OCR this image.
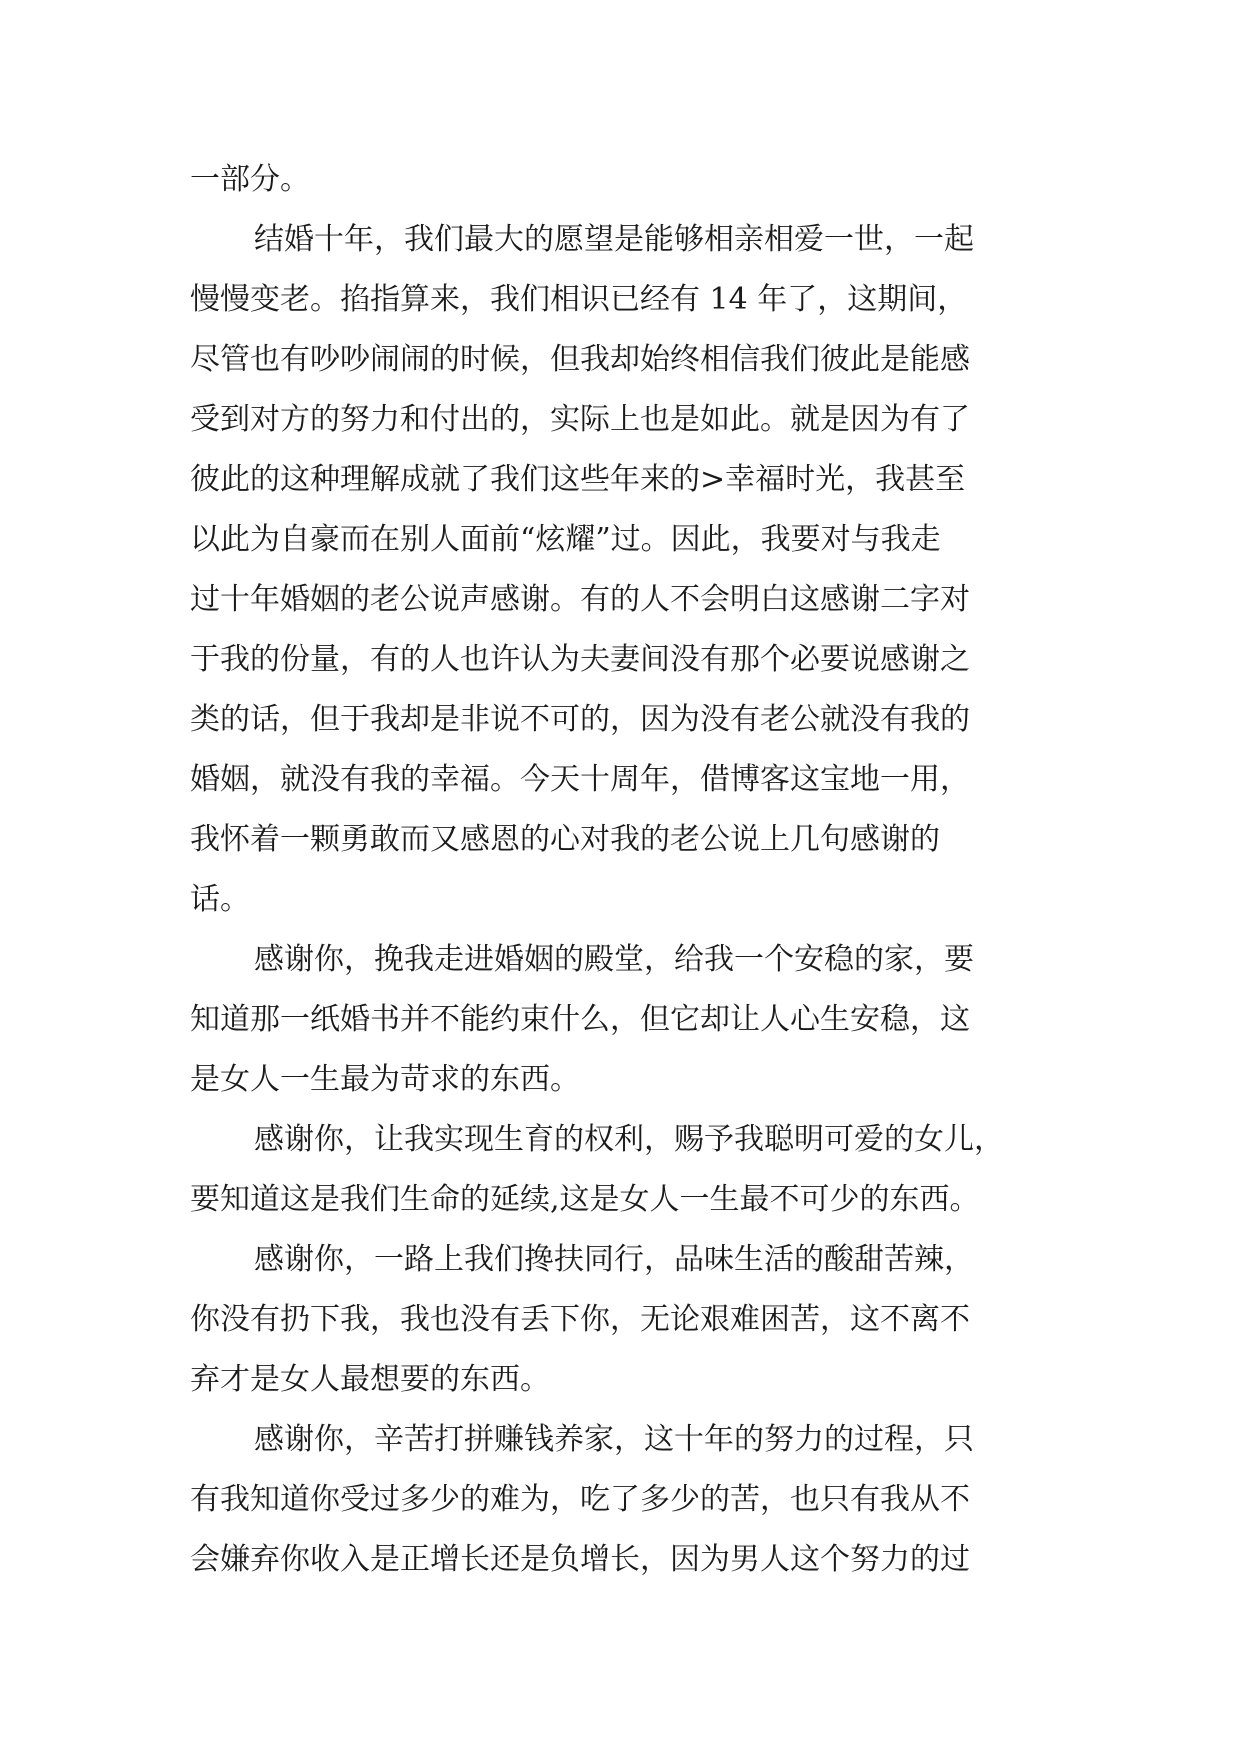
一部分。
结婚十年，我们最大的愿望是能够相亲相爱一世，一起
慢慢变老。掐指算来，我们相识已经有 14 年了，这期间，
尽管也有吵吵闹闹的时候，但我却始终相信我们彼此是能感
受到对方的努力和付出的，实际上也是如此。就是因为有了
彼此的这种理解成就了我们这些年来的>幸福时光，我甚至
以此为自豪而在别人面前“炫耀”过。因此，我要对与我走
过十年婚姻的老公说声感谢。有的人不会明白这感谢二字对
于我的份量，有的人也许认为夫妻间没有那个必要说感谢之
类的话，但于我却是非说不可的，因为没有老公就没有我的
婚姻，就没有我的幸福。今天十周年，借博客这宝地一用，
我怀着一颗勇敢而又感恩的心对我的老公说上几句感谢的
话。
感谢你，挽我走进婚姻的殿堂，给我一个安稳的家，要
知道那一纸婚书并不能约束什么，但它却让人心生安稳，这
是女人一生最为苛求的东西。
感谢你，让我实现生育的权利，赐予我聪明可爱的女儿，
要知道这是我们生命的延续,这是女人一生最不可少的东西。
感谢你，一路上我们搀扶同行，品味生活的酸甜苦辣，
你没有扔下我，我也没有丢下你，无论艰难困苦，这不离不
弃才是女人最想要的东西。
感谢你，辛苦打拼赚钱养家，这十年的努力的过程，只
有我知道你受过多少的难为，吃了多少的苦，也只有我从不
会嫌弃你收入是正增长还是负增长，因为男人这个努力的过
